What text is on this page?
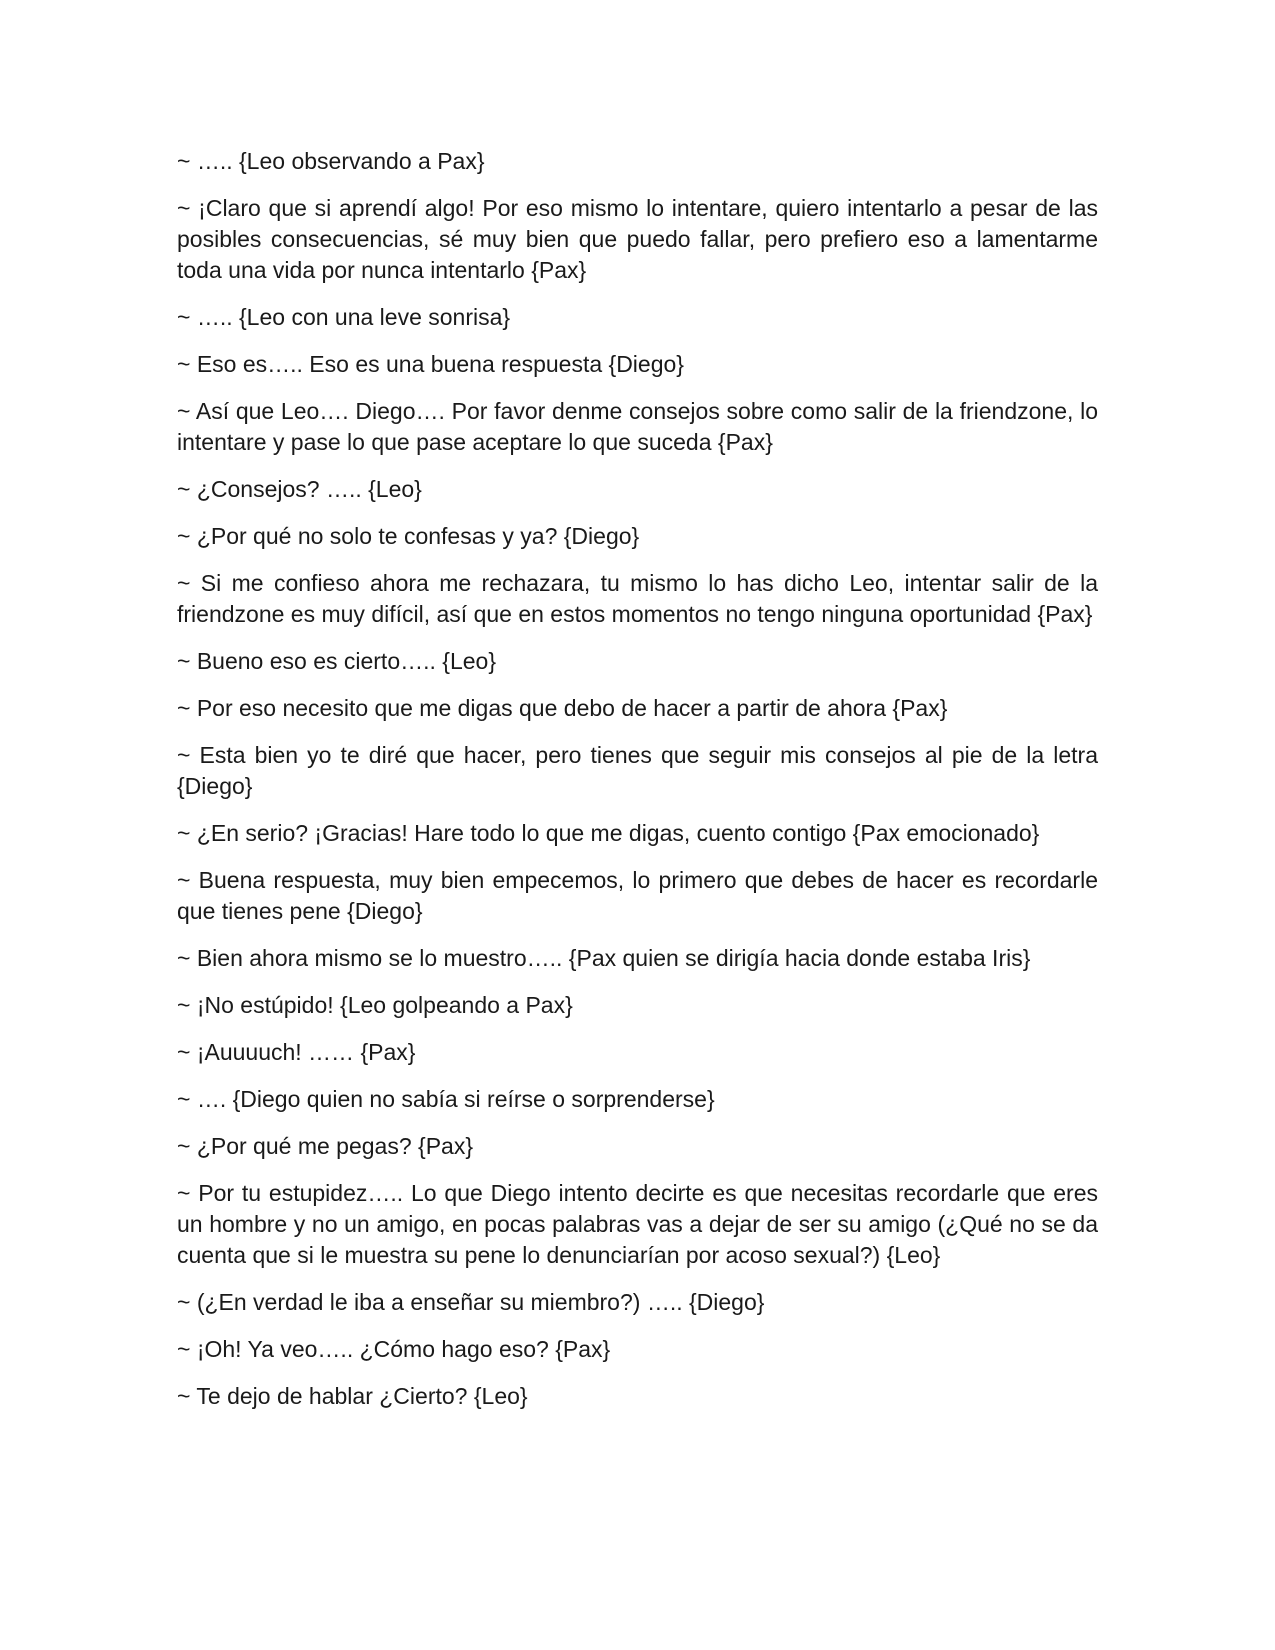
~ ….. {Leo observando a Pax}

~ ¡Claro que si aprendí algo! Por eso mismo lo intentare, quiero intentarlo a pesar de las posibles consecuencias, sé muy bien que puedo fallar, pero prefiero eso a lamentarme toda una vida por nunca intentarlo {Pax}

~ ….. {Leo con una leve sonrisa}

~ Eso es….. Eso es una buena respuesta {Diego}

~ Así que Leo…. Diego…. Por favor denme consejos sobre como salir de la friendzone, lo intentare y pase lo que pase aceptare lo que suceda {Pax}

~ ¿Consejos? ….. {Leo}

~ ¿Por qué no solo te confesas y ya? {Diego}

~ Si me confieso ahora me rechazara, tu mismo lo has dicho Leo, intentar salir de la friendzone es muy difícil, así que en estos momentos no tengo ninguna oportunidad {Pax}

~ Bueno eso es cierto….. {Leo}

~ Por eso necesito que me digas que debo de hacer a partir de ahora {Pax}

~ Esta bien yo te diré que hacer, pero tienes que seguir mis consejos al pie de la letra {Diego}

~ ¿En serio? ¡Gracias! Hare todo lo que me digas, cuento contigo {Pax emocionado}

~ Buena respuesta, muy bien empecemos, lo primero que debes de hacer es recordarle que tienes pene {Diego}

~ Bien ahora mismo se lo muestro….. {Pax quien se dirigía hacia donde estaba Iris}

~ ¡No estúpido! {Leo golpeando a Pax}

~ ¡Auuuuch! …… {Pax}

~ …. {Diego quien no sabía si reírse o sorprenderse}

~ ¿Por qué me pegas? {Pax}

~ Por tu estupidez….. Lo que Diego intento decirte es que necesitas recordarle que eres un hombre y no un amigo, en pocas palabras vas a dejar de ser su amigo (¿Qué no se da cuenta que si le muestra su pene lo denunciarían por acoso sexual?) {Leo}

~ (¿En verdad le iba a enseñar su miembro?) ….. {Diego}

~ ¡Oh! Ya veo….. ¿Cómo hago eso? {Pax}

~ Te dejo de hablar ¿Cierto? {Leo}
